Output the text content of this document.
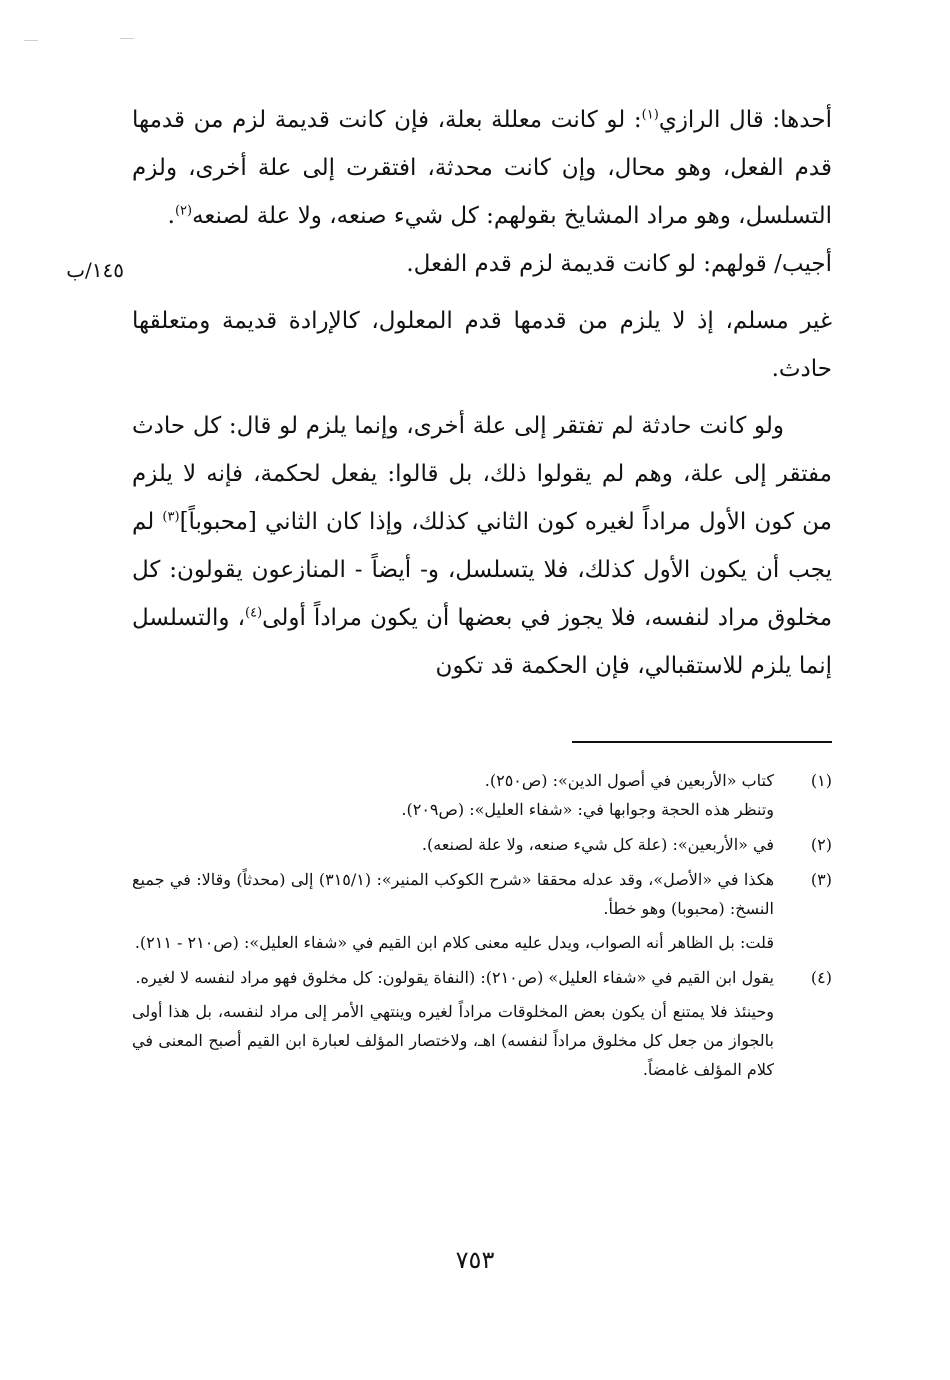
١٤٥/ب

أحدها: قال الرازي$^{(١)}$: لو كانت معللة بعلة، فإن كانت قديمة لزم من قدمها قدم الفعل، وهو محال، وإن كانت محدثة، افتقرت إلى علة أخرى، ولزم التسلسل، وهو مراد المشايخ بقولهم: كل شيء صنعه، ولا علة لصنعه$^{(٢)}$.

أجيب/ قولهم: لو كانت قديمة لزم قدم الفعل.

غير مسلم، إذ لا يلزم من قدمها قدم المعلول، كالإرادة قديمة ومتعلقها حادث.

ولو كانت حادثة لم تفتقر إلى علة أخرى، وإنما يلزم لو قال: كل حادث مفتقر إلى علة، وهم لم يقولوا ذلك، بل قالوا: يفعل لحكمة، فإنه لا يلزم من كون الأول مراداً لغيره كون الثاني كذلك، وإذا كان الثاني [محبوباً]$^{(٣)}$ لم يجب أن يكون الأول كذلك، فلا يتسلسل، و- أيضاً - المنازعون يقولون: كل مخلوق مراد لنفسه، فلا يجوز في بعضها أن يكون مراداً أولى$^{(٤)}$، والتسلسل إنما يلزم للاستقبالي، فإن الحكمة قد تكون

(١)

كتاب «الأربعين في أصول الدين»: (ص٢٥٠).

وتنظر هذه الحجة وجوابها في: «شفاء العليل»: (ص٢٠٩).

(٢)

في «الأربعين»: (علة كل شيء صنعه، ولا علة لصنعه).

(٣)

هكذا في «الأصل»، وقد عدله محققا «شرح الكوكب المنير»: (٣١٥/١) إلى (محدثاً) وقالا: في جميع النسخ: (محبوبا) وهو خطأ.

قلت: بل الظاهر أنه الصواب، ويدل عليه معنى كلام ابن القيم في «شفاء العليل»: (ص٢١٠ - ٢١١).

(٤)

يقول ابن القيم في «شفاء العليل» (ص٢١٠): (النفاة يقولون: كل مخلوق فهو مراد لنفسه لا لغيره.

وحينئذ فلا يمتنع أن يكون بعض المخلوقات مراداً لغيره وينتهي الأمر إلى مراد لنفسه، بل هذا أولى بالجواز من جعل كل مخلوق مراداً لنفسه) اهـ، ولاختصار المؤلف لعبارة ابن القيم أصبح المعنى في كلام المؤلف غامضاً.

٧٥٣
